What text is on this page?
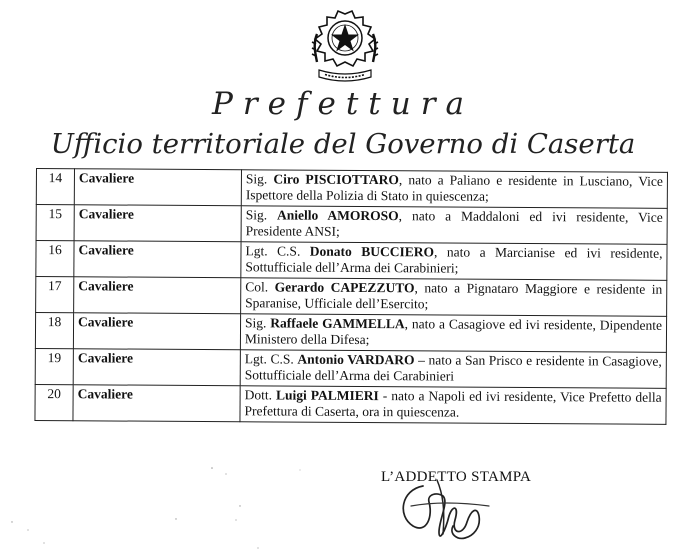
Prefettura
Ufficio territoriale del Governo di Caserta
14	Cavaliere	Sig. Ciro PISCIOTTARO, nato a Paliano e residente in Lusciano, Vice Ispettore della Polizia di Stato in quiescenza;
15	Cavaliere	Sig. Aniello AMOROSO, nato a Maddaloni ed ivi residente, Vice Presidente ANSI;
16	Cavaliere	Lgt. C.S. Donato BUCCIERO, nato a Marcianise ed ivi residente, Sottufficiale dell’Arma dei Carabinieri;
17	Cavaliere	Col. Gerardo CAPEZZUTO, nato a Pignataro Maggiore e residente in Sparanise, Ufficiale dell’Esercito;
18	Cavaliere	Sig. Raffaele GAMMELLA, nato a Casagiove ed ivi residente, Dipendente Ministero della Difesa;
19	Cavaliere	Lgt. C.S. Antonio VARDARO – nato a San Prisco e residente in Casagiove, Sottufficiale dell’Arma dei Carabinieri
20	Cavaliere	Dott. Luigi PALMIERI - nato a Napoli ed ivi residente, Vice Prefetto della Prefettura di Caserta, ora in quiescenza.
L’ADDETTO STAMPA
